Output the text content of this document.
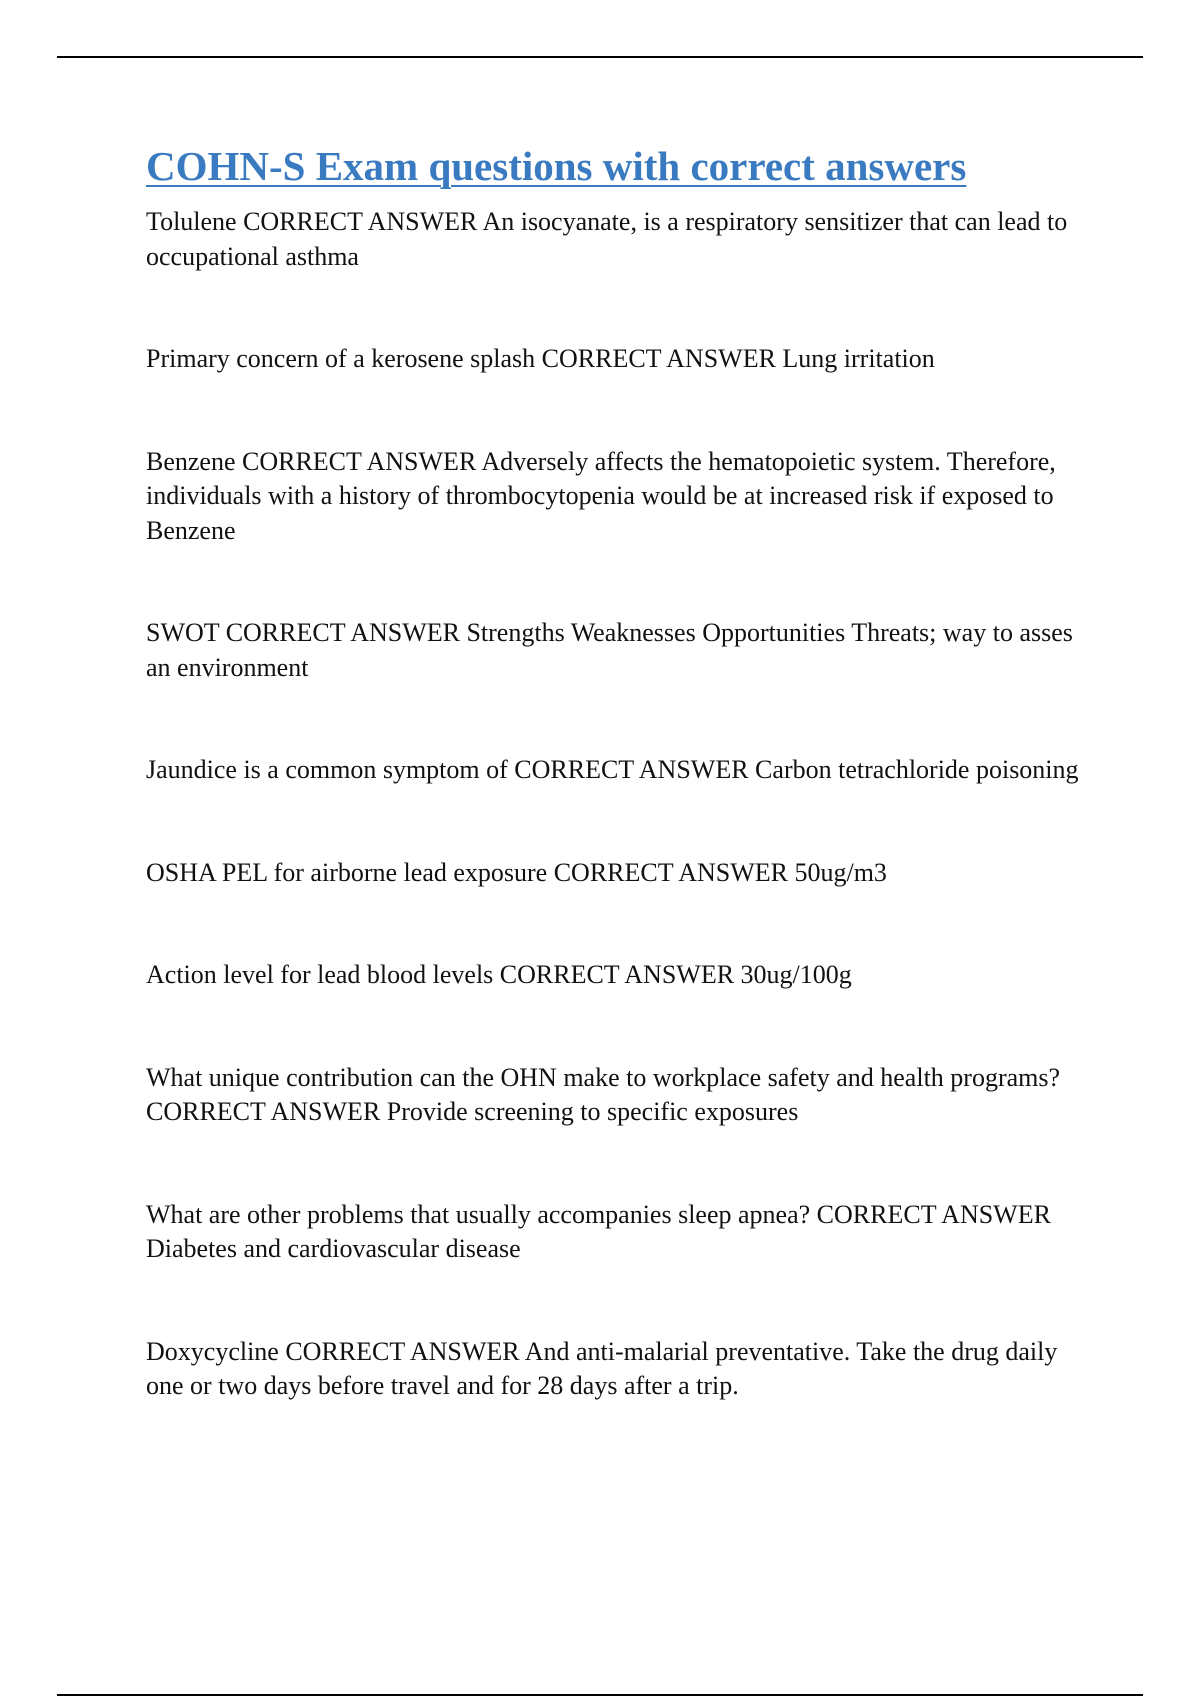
COHN-S Exam questions with correct answers
Tolulene CORRECT ANSWER An isocyanate, is a respiratory sensitizer that can lead to occupational asthma
Primary concern of a kerosene splash CORRECT ANSWER Lung irritation
Benzene CORRECT ANSWER Adversely affects the hematopoietic system. Therefore, individuals with a history of thrombocytopenia would be at increased risk if exposed to Benzene
SWOT CORRECT ANSWER Strengths Weaknesses Opportunities Threats; way to asses an environment
Jaundice is a common symptom of CORRECT ANSWER Carbon tetrachloride poisoning
OSHA PEL for airborne lead exposure CORRECT ANSWER 50ug/m3
Action level for lead blood levels CORRECT ANSWER 30ug/100g
What unique contribution can the OHN make to workplace safety and health programs? CORRECT ANSWER Provide screening to specific exposures
What are other problems that usually accompanies sleep apnea? CORRECT ANSWER Diabetes and cardiovascular disease
Doxycycline CORRECT ANSWER And anti-malarial preventative. Take the drug daily one or two days before travel and for 28 days after a trip.
